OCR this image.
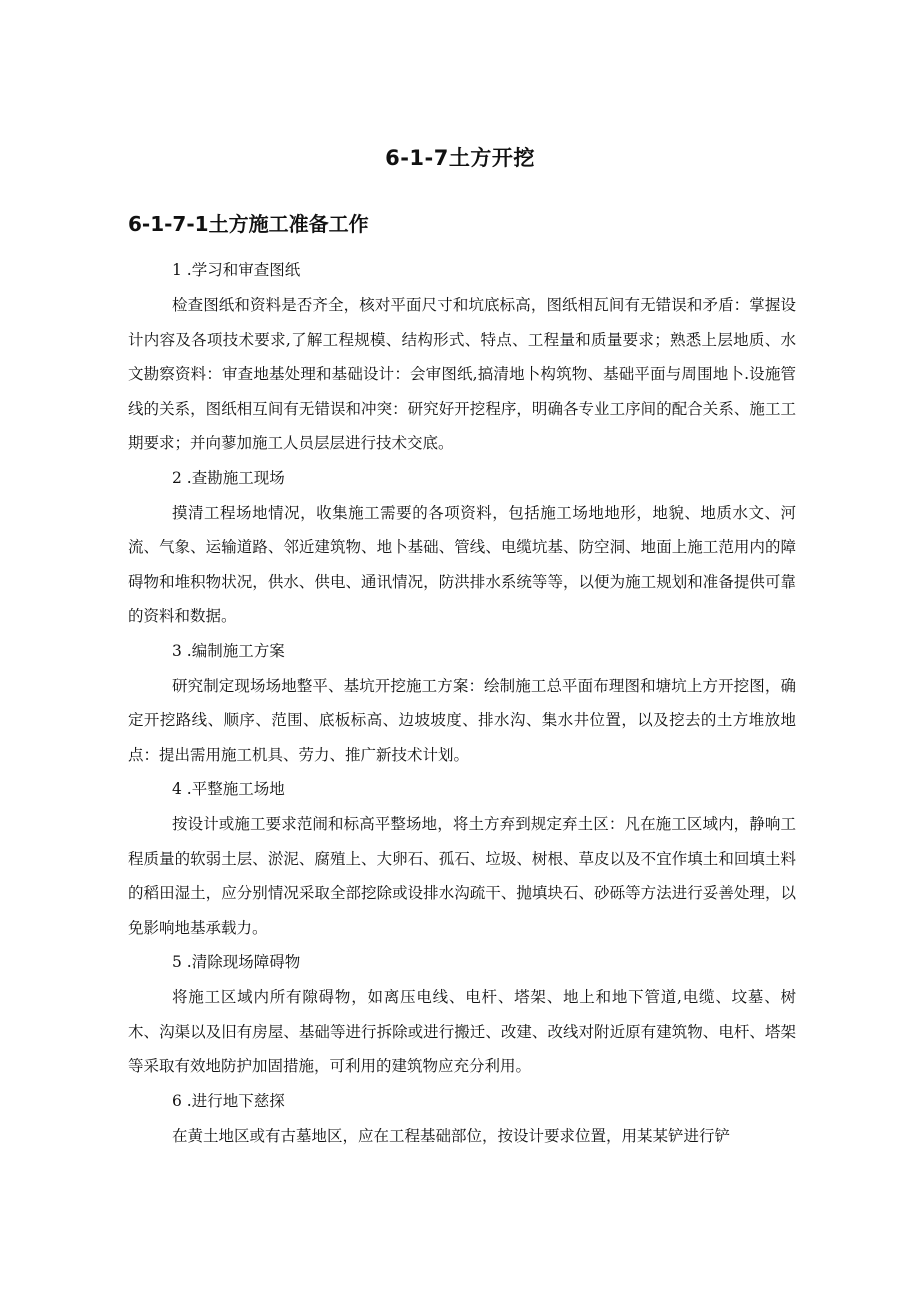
6-1-7土方开挖
6-1-7-1土方施工准备工作

1 .学习和审查图纸

检查图纸和资料是否齐全，核对平面尺寸和坑底标高，图纸相瓦间有无错误和矛盾：掌握设计内容及各项技术要求,了解工程规模、结构形式、特点、工程量和质量要求；熟悉上层地质、水文勘察资料：审查地基处理和基础设计：会审图纸,搞清地卜构筑物、基础平面与周围地卜.设施管线的关系，图纸相互间有无错误和冲突：研究好开挖程序，明确各专业工序间的配合关系、施工工期要求；并向蓼加施工人员层层进行技术交底。

2 .查勘施工现场

摸清工程场地情况，收集施工需要的各项资料，包括施工场地地形，地貌、地质水文、河流、气象、运输道路、邻近建筑物、地卜基础、管线、电缆坑基、防空洞、地面上施工范用内的障碍物和堆积物状况，供水、供电、通讯情况，防洪排水系统等等，以便为施工规划和准备提供可靠的资料和数据。

3 .编制施工方案

研究制定现场场地整平、基坑开挖施工方案：绘制施工总平面布理图和塘坑上方开挖图，确定开挖路线、顺序、范围、底板标高、边坡坡度、排水沟、集水井位置，以及挖去的土方堆放地点：提出需用施工机具、劳力、推广新技术计划。

4 .平整施工场地

按设计或施工要求范闹和标高平整场地，将土方弃到规定弃土区：凡在施工区域内，静响工程质量的软弱土层、淤泥、腐殖上、大卵石、孤石、垃圾、树根、草皮以及不宜作填土和回填土料的稻田湿土，应分别情况采取全部挖除或设排水沟疏干、抛填块石、砂砾等方法进行妥善处理，以免影响地基承载力。

5 .清除现场障碍物

将施工区域内所有隙碍物，如离压电线、电杆、塔架、地上和地下管道,电缆、坟墓、树木、沟渠以及旧有房屋、基础等进行拆除或进行搬迁、改建、改线对附近原有建筑物、电杆、塔架等采取有效地防护加固措施，可利用的建筑物应充分利用。

6 .进行地下慈探

在黄土地区或有古墓地区，应在工程基础部位，按设计要求位置，用某某铲进行铲
